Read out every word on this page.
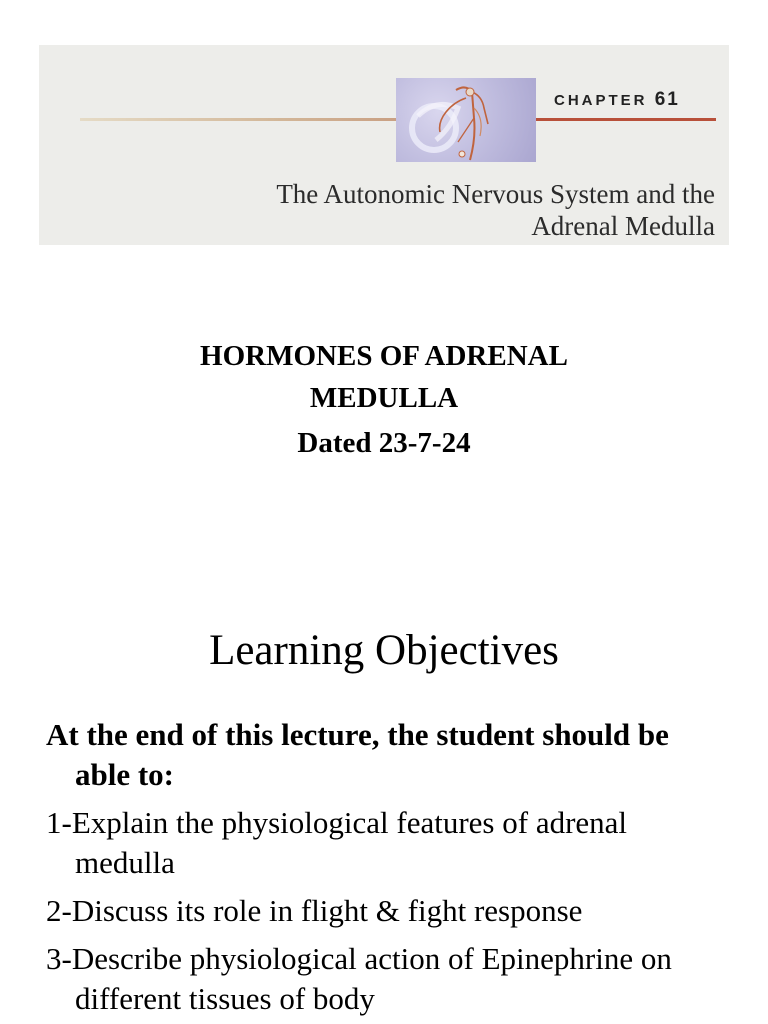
CHAPTER 61
The Autonomic Nervous System and the
Adrenal Medulla
HORMONES OF ADRENAL MEDULLA
Dated 23-7-24
Learning Objectives
At the end of this lecture, the student should be able to:
1-Explain the physiological features of adrenal medulla
2-Discuss its role in flight & fight response
3-Describe physiological action of Epinephrine on different tissues of body
